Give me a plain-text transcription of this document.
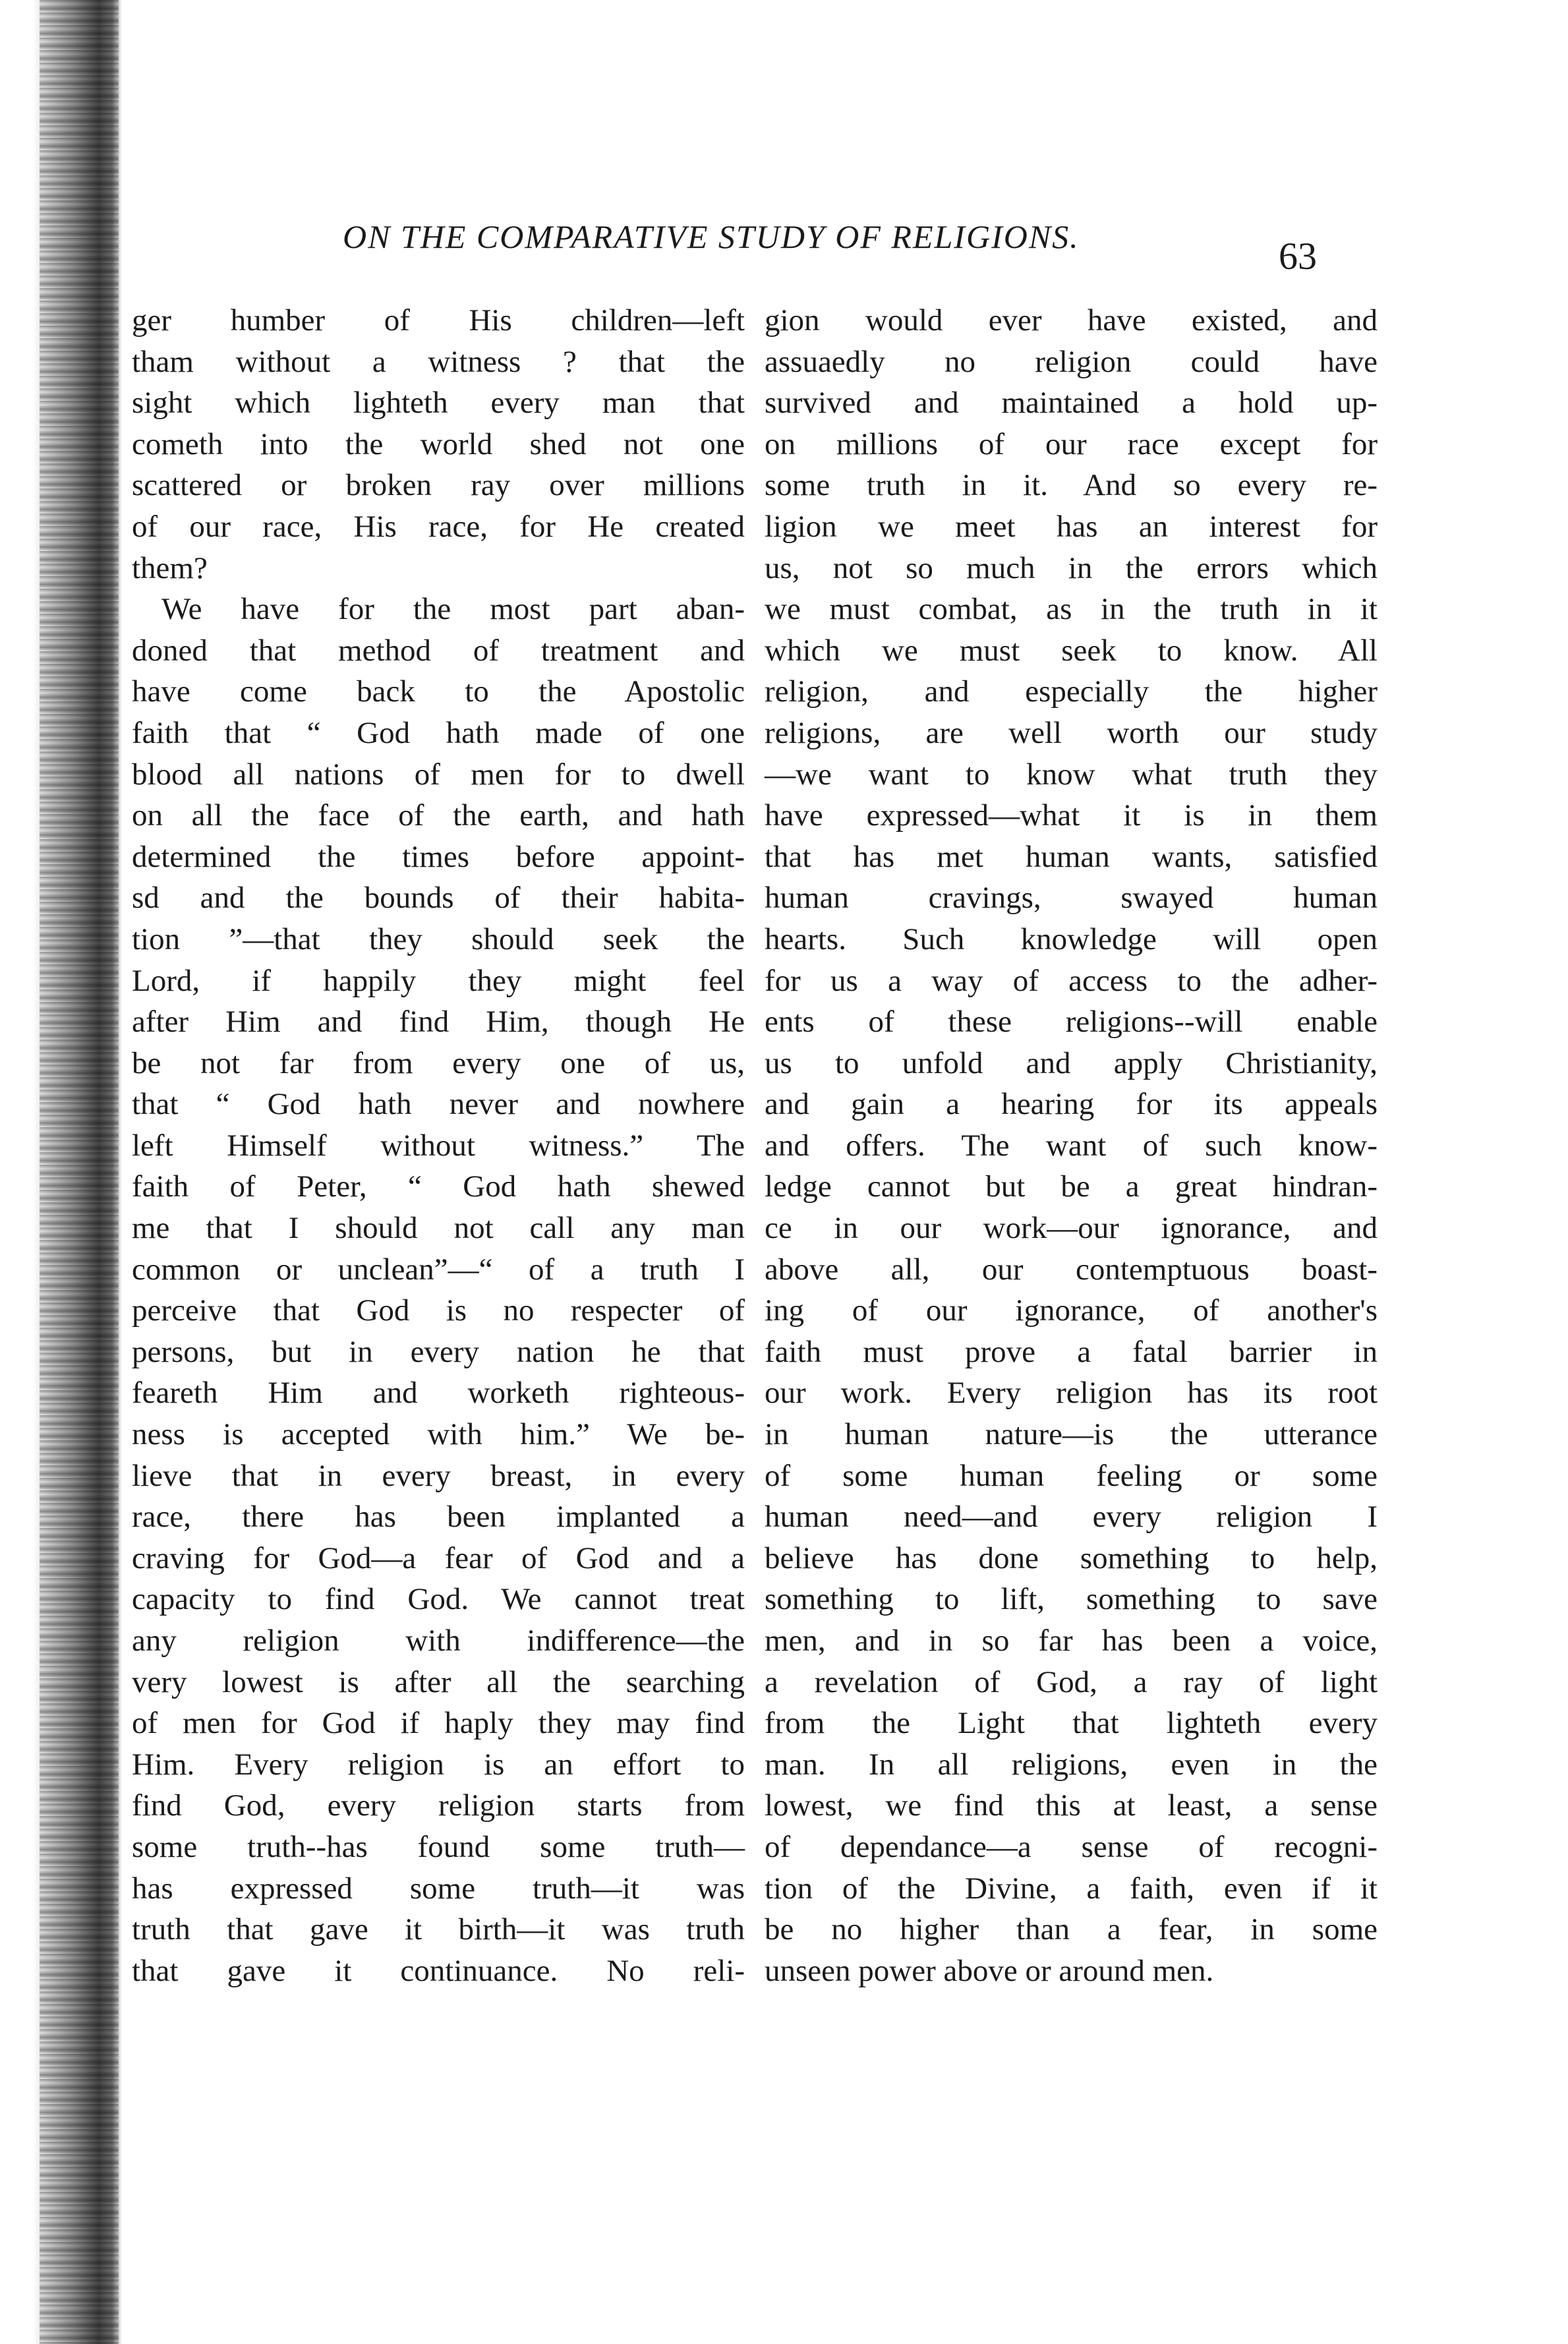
ON THE COMPARATIVE STUDY OF RELIGIONS.	63
ger humber of His children—left
tham without a witness ? that the
sight which lighteth every man that
cometh into the world shed not one
scattered or broken ray over millions
of our race, His race, for He created
them?
We have for the most part aban-
doned that method of treatment and
have come back to the Apostolic
faith that “ God hath made of one
blood all nations of men for to dwell
on all the face of the earth, and hath
determined the times before appoint-
sd and the bounds of their habita-
tion ”—that they should seek the
Lord, if happily they might feel
after Him and find Him, though He
be not far from every one of us,
that “ God hath never and nowhere
left Himself without witness.” The
faith of Peter, “ God hath shewed
me that I should not call any man
common or unclean”—“ of a truth I
perceive that God is no respecter of
persons, but in every nation he that
feareth Him and worketh righteous-
ness is accepted with him.” We be-
lieve that in every breast, in every
race, there has been implanted a
craving for God—a fear of God and a
capacity to find God. We cannot treat
any religion with indifference—the
very lowest is after all the searching
of men for God if haply they may find
Him. Every religion is an effort to
find God, every religion starts from
some truth--has found some truth—
has expressed some truth—it was
truth that gave it birth—it was truth
that gave it continuance. No reli-
gion would ever have existed, and
assuaedly no religion could have
survived and maintained a hold up-
on millions of our race except for
some truth in it. And so every re-
ligion we meet has an interest for
us, not so much in the errors which
we must combat, as in the truth in it
which we must seek to know. All
religion, and especially the higher
religions, are well worth our study
—we want to know what truth they
have expressed—what it is in them
that has met human wants, satisfied
human cravings, swayed human
hearts. Such knowledge will open
for us a way of access to the adher-
ents of these religions--will enable
us to unfold and apply Christianity,
and gain a hearing for its appeals
and offers. The want of such know-
ledge cannot but be a great hindran-
ce in our work—our ignorance, and
above all, our contemptuous boast-
ing of our ignorance, of another's
faith must prove a fatal barrier in
our work. Every religion has its root
in human nature—is the utterance
of some human feeling or some
human need—and every religion I
believe has done something to help,
something to lift, something to save
men, and in so far has been a voice,
a revelation of God, a ray of light
from the Light that lighteth every
man. In all religions, even in the
lowest, we find this at least, a sense
of dependance—a sense of recogni-
tion of the Divine, a faith, even if it
be no higher than a fear, in some
unseen power above or around men.
